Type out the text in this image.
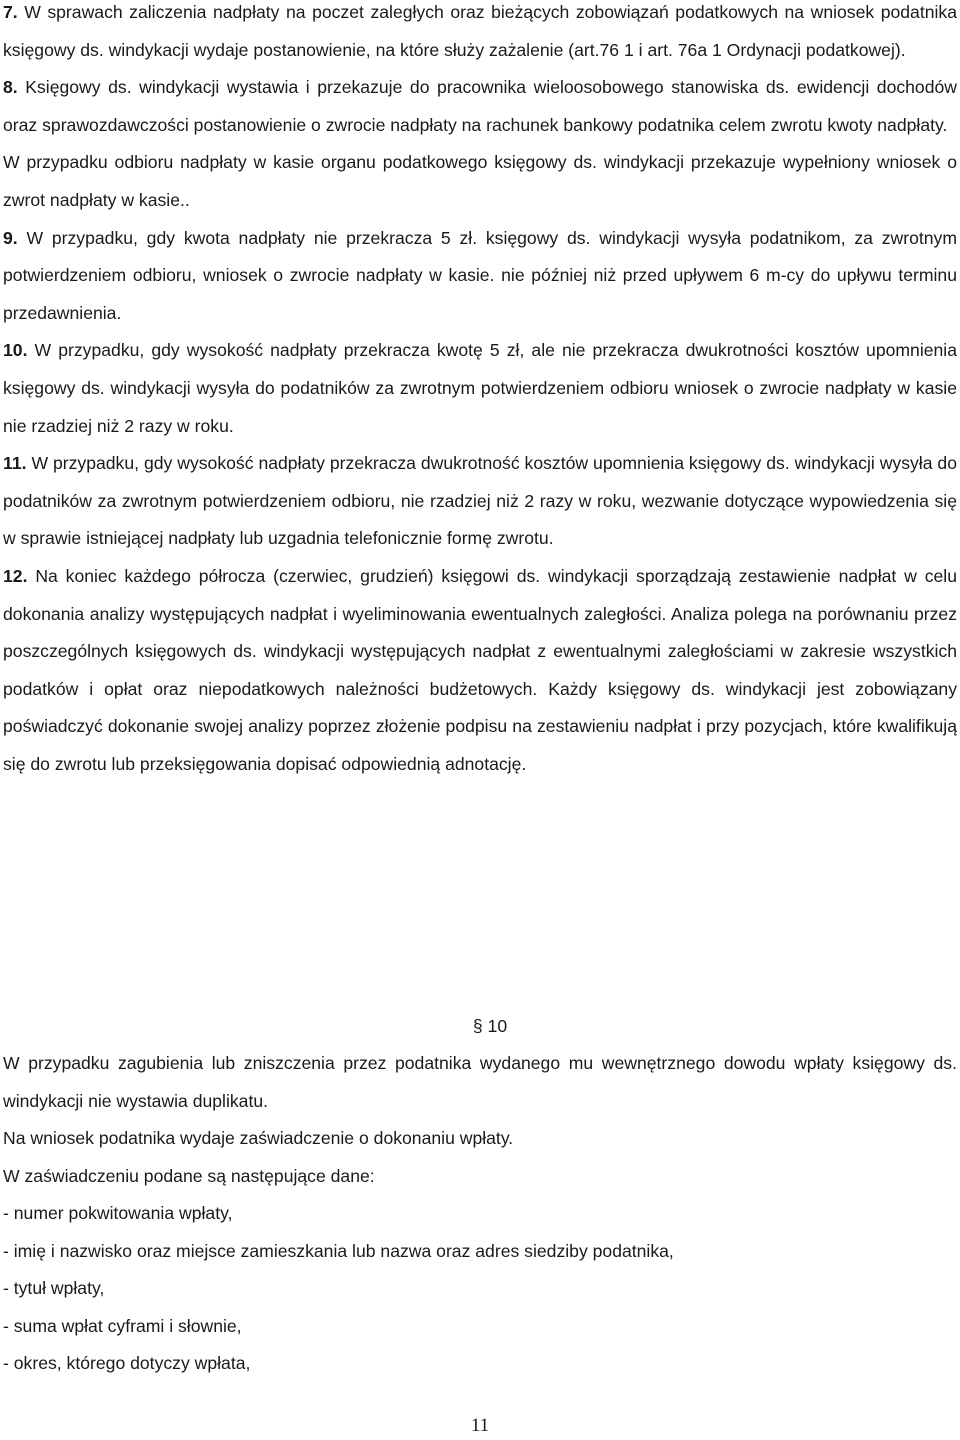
7. W sprawach zaliczenia nadpłaty na poczet zaległych oraz bieżących zobowiązań podatkowych na wniosek podatnika księgowy ds. windykacji wydaje postanowienie, na które służy zażalenie (art.76 1 i art. 76a 1 Ordynacji podatkowej).

8. Księgowy ds. windykacji wystawia i przekazuje do pracownika wieloosobowego stanowiska ds. ewidencji dochodów oraz sprawozdawczości postanowienie o zwrocie nadpłaty na rachunek bankowy podatnika celem zwrotu kwoty nadpłaty.

W przypadku odbioru nadpłaty w kasie organu podatkowego księgowy ds. windykacji przekazuje wypełniony wniosek o zwrot nadpłaty w kasie..

9. W przypadku, gdy kwota nadpłaty nie przekracza 5 zł. księgowy ds. windykacji wysyła podatnikom, za zwrotnym potwierdzeniem odbioru, wniosek o zwrocie nadpłaty w kasie. nie później niż przed upływem 6 m-cy do upływu terminu przedawnienia.

10. W przypadku, gdy wysokość nadpłaty przekracza kwotę 5 zł, ale nie przekracza dwukrotności kosztów upomnienia księgowy ds. windykacji wysyła do podatników za zwrotnym potwierdzeniem odbioru wniosek o zwrocie nadpłaty w kasie nie rzadziej niż 2 razy w roku.

11. W przypadku, gdy wysokość nadpłaty przekracza dwukrotność kosztów upomnienia księgowy ds. windykacji wysyła do podatników za zwrotnym potwierdzeniem odbioru, nie rzadziej niż 2 razy w roku, wezwanie dotyczące wypowiedzenia się w sprawie istniejącej nadpłaty lub uzgadnia telefonicznie formę zwrotu.

12. Na koniec każdego półrocza (czerwiec, grudzień) księgowi ds. windykacji sporządzają zestawienie nadpłat w celu dokonania analizy występujących nadpłat i wyeliminowania ewentualnych zaległości. Analiza polega na porównaniu przez poszczególnych księgowych ds. windykacji występujących nadpłat z ewentualnymi zaległościami w zakresie wszystkich podatków i opłat oraz niepodatkowych należności budżetowych. Każdy księgowy ds. windykacji jest zobowiązany poświadczyć dokonanie swojej analizy poprzez złożenie podpisu na zestawieniu nadpłat i przy pozycjach, które kwalifikują się do zwrotu lub przeksięgowania dopisać odpowiednią adnotację.

§ 10

W przypadku zagubienia lub zniszczenia przez podatnika wydanego mu wewnętrznego dowodu wpłaty księgowy ds. windykacji nie wystawia duplikatu.

Na wniosek podatnika wydaje zaświadczenie o dokonaniu wpłaty.

W zaświadczeniu podane są następujące dane:

- numer pokwitowania wpłaty,
- imię i nazwisko oraz miejsce zamieszkania lub nazwa oraz adres siedziby podatnika,
- tytuł wpłaty,
- suma wpłat cyframi i słownie,
- okres, którego dotyczy wpłata,
11
